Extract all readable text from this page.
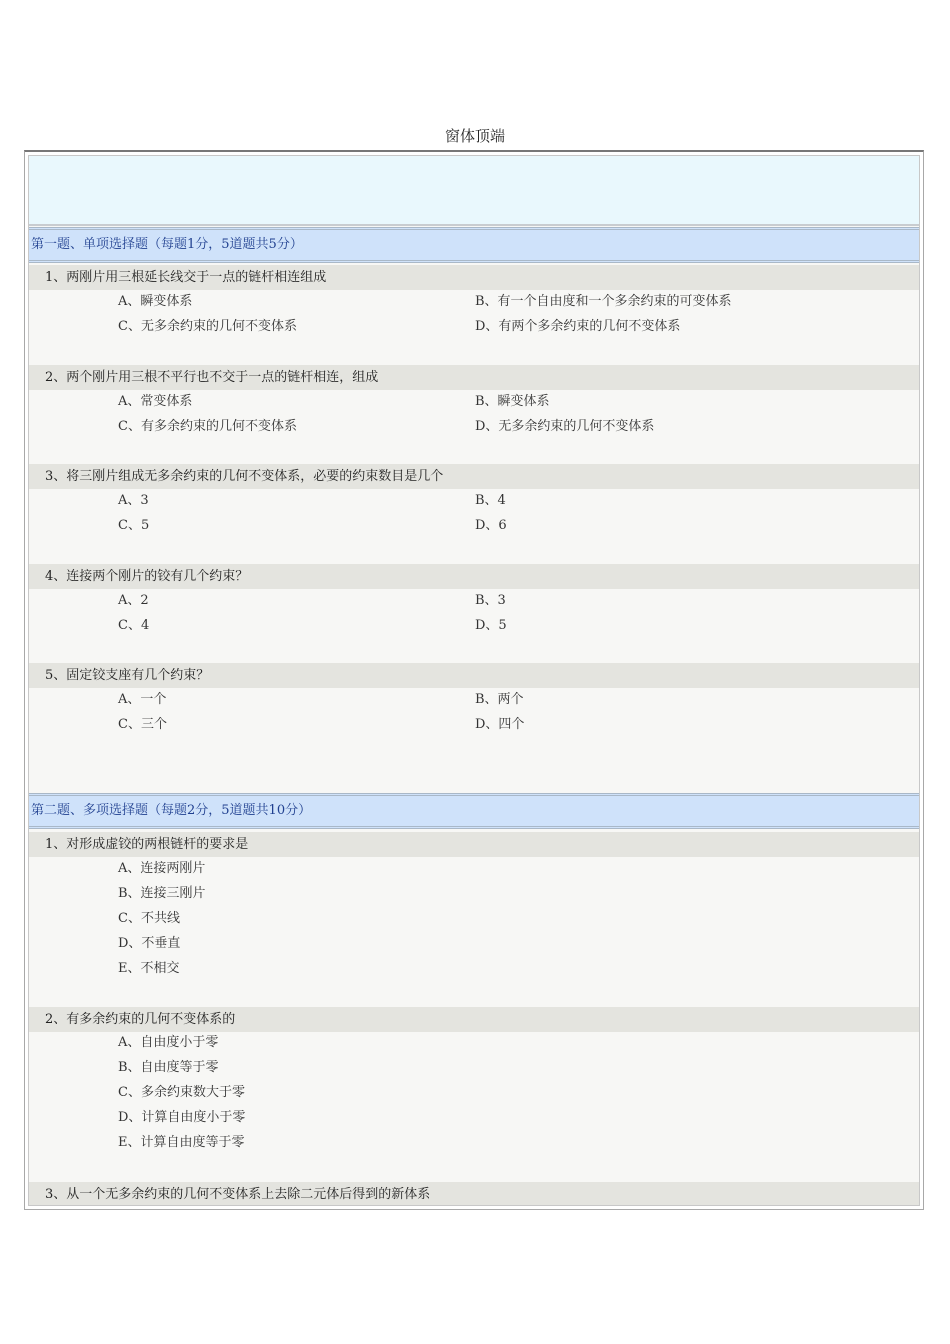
窗体顶端
第一题、单项选择题（每题1分，5道题共5分）
1、两刚片用三根延长线交于一点的链杆相连组成
A、瞬变体系	B、有一个自由度和一个多余约束的可变体系
C、无多余约束的几何不变体系	D、有两个多余约束的几何不变体系
2、两个刚片用三根不平行也不交于一点的链杆相连，组成
A、常变体系	B、瞬变体系
C、有多余约束的几何不变体系	D、无多余约束的几何不变体系
3、将三刚片组成无多余约束的几何不变体系，必要的约束数目是几个
A、3	B、4
C、5	D、6
4、连接两个刚片的铰有几个约束？
A、2	B、3
C、4	D、5
5、固定铰支座有几个约束？
A、一个	B、两个
C、三个	D、四个
第二题、多项选择题（每题2分，5道题共10分）
1、对形成虚铰的两根链杆的要求是
A、连接两刚片
B、连接三刚片
C、不共线
D、不垂直
E、不相交
2、有多余约束的几何不变体系的
A、自由度小于零
B、自由度等于零
C、多余约束数大于零
D、计算自由度小于零
E、计算自由度等于零
3、从一个无多余约束的几何不变体系上去除二元体后得到的新体系
